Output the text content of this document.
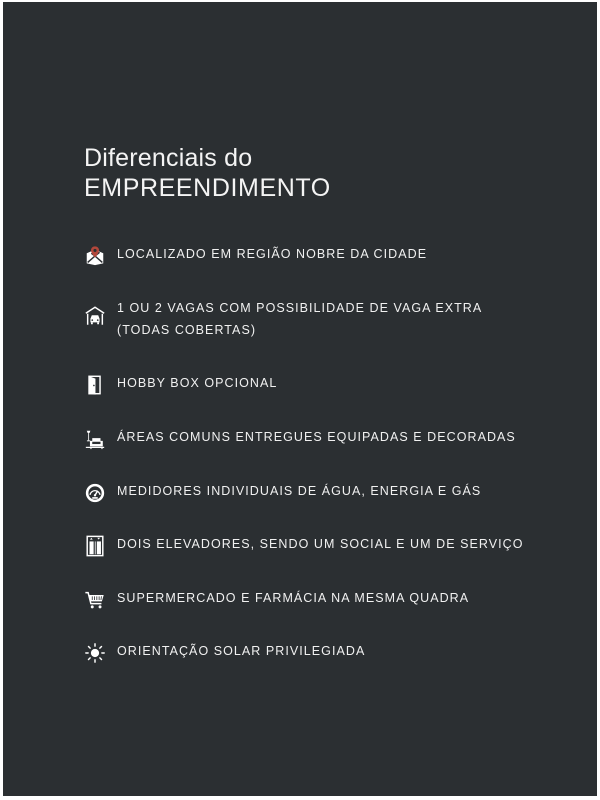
Diferenciais do
EMPREENDIMENTO
LOCALIZADO EM REGIÃO NOBRE DA CIDADE
1 OU 2 VAGAS COM POSSIBILIDADE DE VAGA EXTRA
(TODAS COBERTAS)
HOBBY BOX OPCIONAL
ÁREAS COMUNS ENTREGUES EQUIPADAS E DECORADAS
MEDIDORES INDIVIDUAIS DE ÁGUA, ENERGIA E GÁS
DOIS ELEVADORES, SENDO UM SOCIAL E UM DE SERVIÇO
SUPERMERCADO E FARMÁCIA NA MESMA QUADRA
ORIENTAÇÃO SOLAR PRIVILEGIADA
